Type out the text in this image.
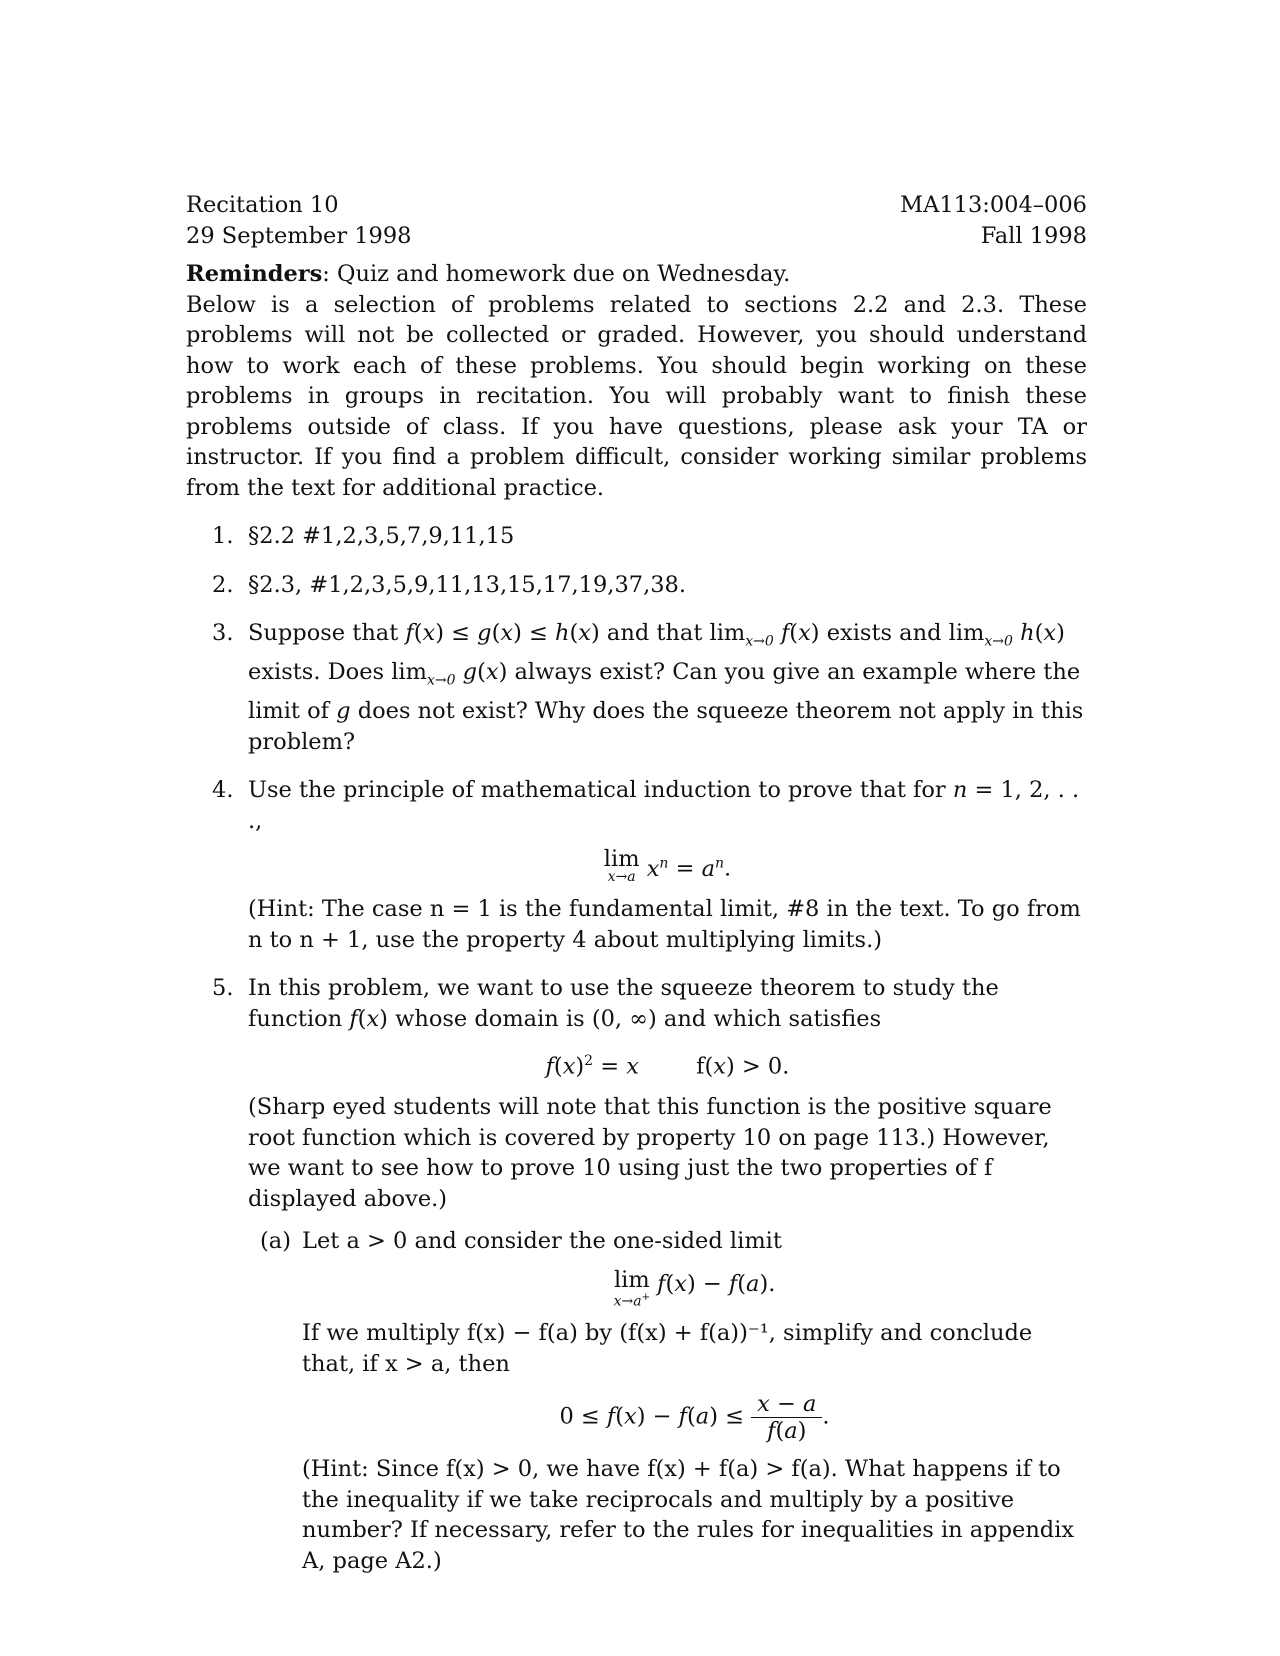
Recitation 10
29 September 1998
MA113:004–006
Fall 1998
Reminders: Quiz and homework due on Wednesday.
Below is a selection of problems related to sections 2.2 and 2.3. These problems will not be collected or graded. However, you should understand how to work each of these problems. You should begin working on these problems in groups in recitation. You will probably want to finish these problems outside of class. If you have questions, please ask your TA or instructor. If you find a problem difficult, consider working similar problems from the text for additional practice.
1. §2.2 #1,2,3,5,7,9,11,15
2. §2.3, #1,2,3,5,9,11,13,15,17,19,37,38.
3. Suppose that f(x) ≤ g(x) ≤ h(x) and that $\lim_{x\to 0} f(x)$ exists and $\lim_{x\to 0} h(x)$ exists. Does $\lim_{x\to 0} g(x)$ always exist? Can you give an example where the limit of g does not exist? Why does the squeeze theorem not apply in this problem?
4. Use the principle of mathematical induction to prove that for n = 1, 2, . . .,
lim
x→a $x^n = a^n$.
(Hint: The case n = 1 is the fundamental limit, #8 in the text. To go from n to n + 1, use the property 4 about multiplying limits.)
5. In this problem, we want to use the squeeze theorem to study the function f(x) whose domain is (0, ∞) and which satisfies
$f(x)^2 = x$        f(x) > 0.
(Sharp eyed students will note that this function is the positive square root function which is covered by property 10 on page 113.) However, we want to see how to prove 10 using just the two properties of f displayed above.)
(a) Let a > 0 and consider the one-sided limit
lim
x→a+
f(x) − f(a).
If we multiply f(x) − f(a) by (f(x) + f(a))⁻¹, simplify and conclude that, if x > a, then
$0 \le f(x) - f(a) \le \frac{x - a}{f(a)}$ .
(Hint: Since f(x) > 0, we have f(x) + f(a) > f(a). What happens if to the inequality if we take reciprocals and multiply by a positive number? If necessary, refer to the rules for inequalities in appendix A, page A2.)
